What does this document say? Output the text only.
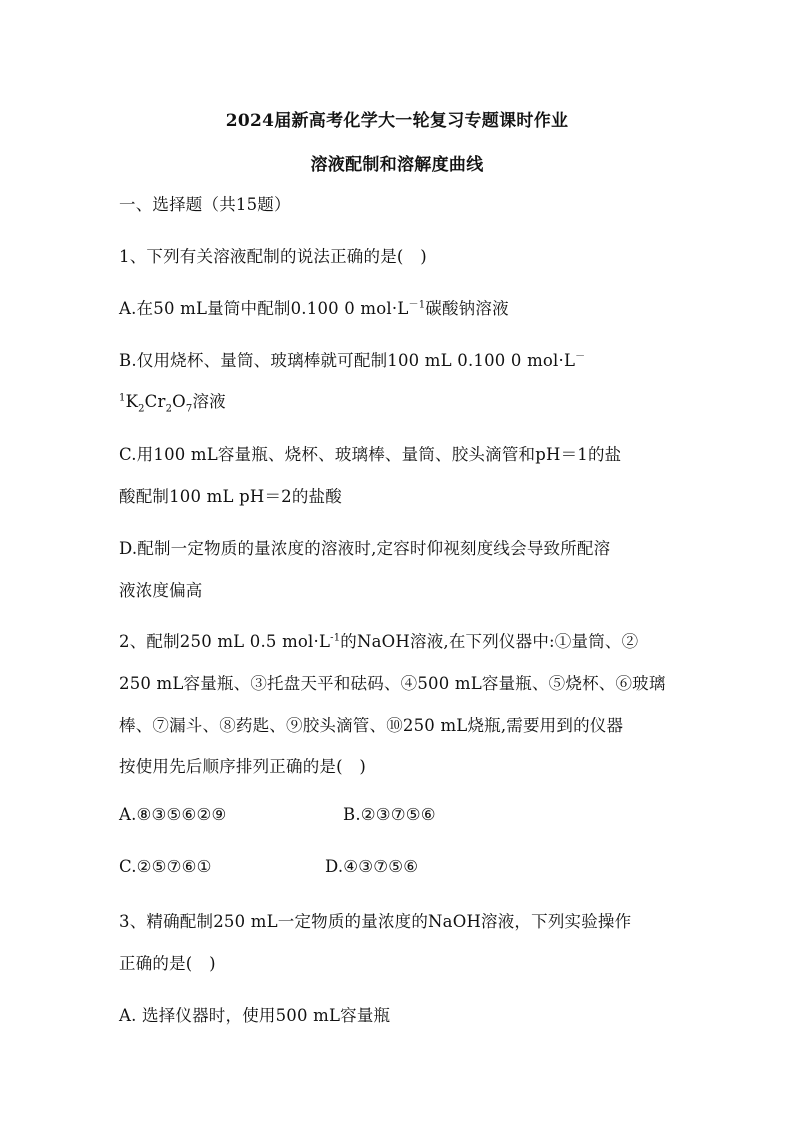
2024届新高考化学大一轮复习专题课时作业
溶液配制和溶解度曲线
一、选择题（共15题）
1、下列有关溶液配制的说法正确的是(　)
A.在50 mL量筒中配制0.100 0 $mol\cdot L^{-1}$碳酸钠溶液
B.仅用烧杯、量筒、玻璃棒就可配制100 mL 0.100 0 mol·L－
$^1K_2Cr_2O_7$溶液
C.用100 mL容量瓶、烧杯、玻璃棒、量筒、胶头滴管和pH＝1的盐
酸配制100 mL pH＝2的盐酸
D.配制一定物质的量浓度的溶液时,定容时仰视刻度线会导致所配溶
液浓度偏高
2、配制250 mL 0.5 $mol\cdot L^{-1}$的NaOH溶液,在下列仪器中:①量筒、②
250 mL容量瓶、③托盘天平和砝码、④500 mL容量瓶、⑤烧杯、⑥玻璃
棒、⑦漏斗、⑧药匙、⑨胶头滴管、⑩250 mL烧瓶,需要用到的仪器
按使用先后顺序排列正确的是(　)
A.⑧③⑤⑥②⑨	B.②③⑦⑤⑥
C.②⑤⑦⑥①	D.④③⑦⑤⑥
3、精确配制250 mL一定物质的量浓度的NaOH溶液，下列实验操作
正确的是(　)
A. 选择仪器时，使用500 mL容量瓶
